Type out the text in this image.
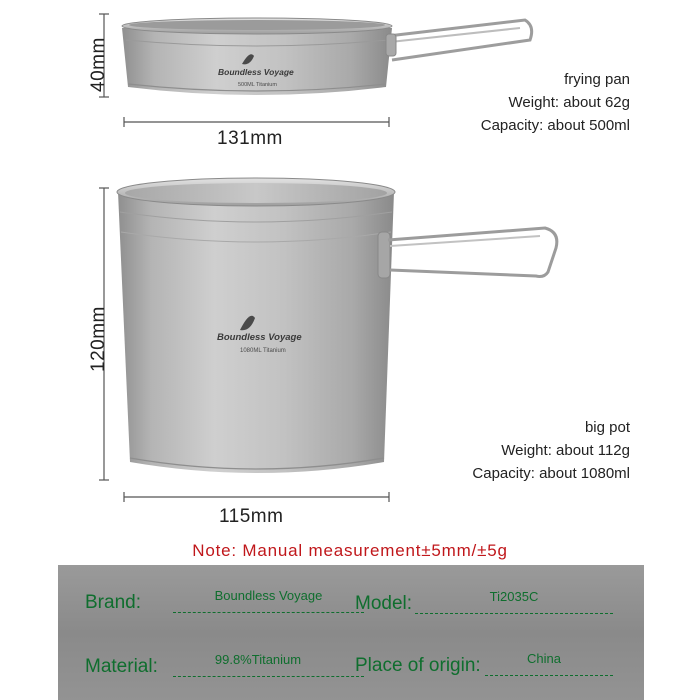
Boundless Voyage
500ML Titanium
Boundless Voyage
1080ML Titanium
40mm
131mm
frying pan
Weight: about 62g
Capacity: about 500ml
120mm
115mm
big pot
Weight: about 112g
Capacity: about 1080ml
Note: Manual measurement±5mm/±5g
Brand:	Boundless Voyage	Model:	Ti2035C
Material:	99.8%Titanium	Place of origin:	China
